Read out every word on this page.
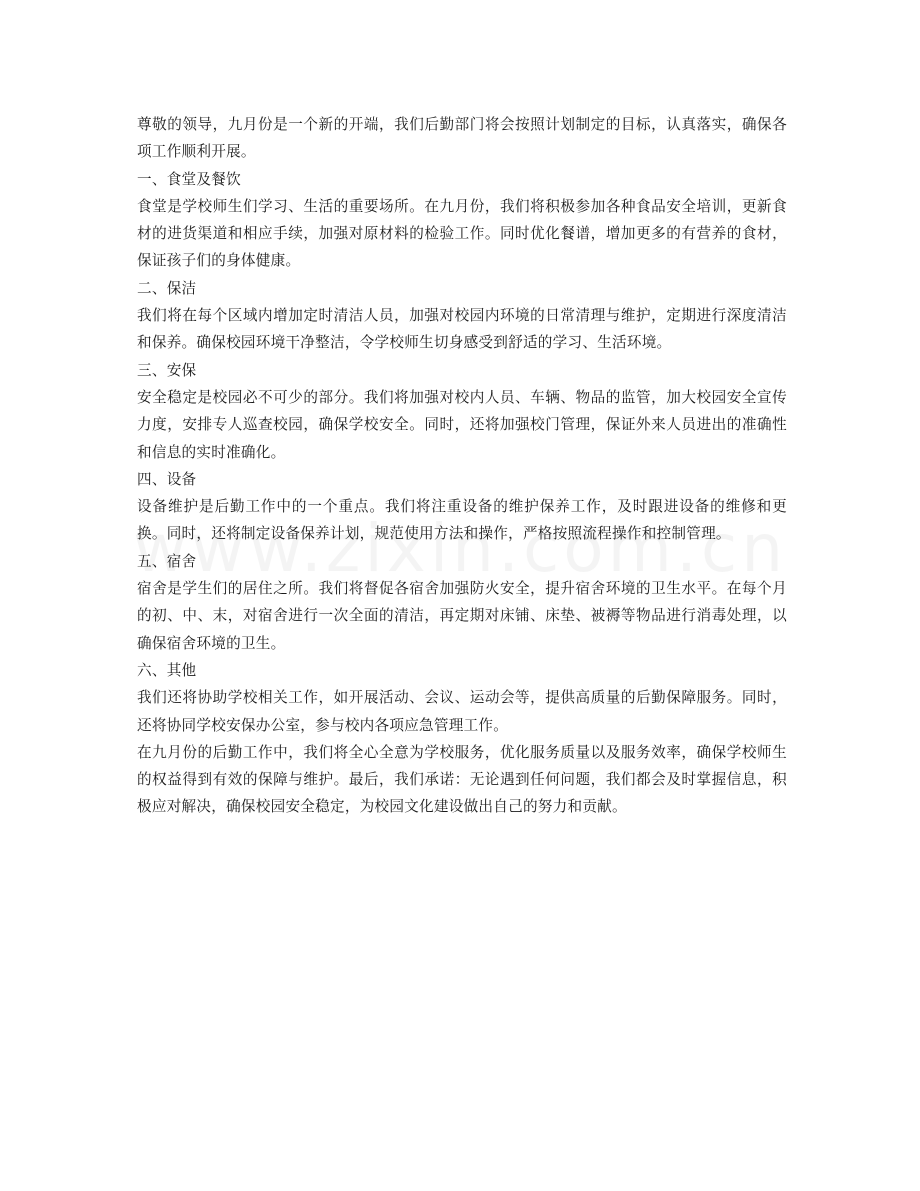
尊敬的领导，九月份是一个新的开端，我们后勤部门将会按照计划制定的目标，认真落实，确保各项工作顺利开展。

一、食堂及餐饮

食堂是学校师生们学习、生活的重要场所。在九月份，我们将积极参加各种食品安全培训，更新食材的进货渠道和相应手续，加强对原材料的检验工作。同时优化餐谱，增加更多的有营养的食材，保证孩子们的身体健康。

二、保洁

我们将在每个区域内增加定时清洁人员，加强对校园内环境的日常清理与维护，定期进行深度清洁和保养。确保校园环境干净整洁，令学校师生切身感受到舒适的学习、生活环境。

三、安保

安全稳定是校园必不可少的部分。我们将加强对校内人员、车辆、物品的监管，加大校园安全宣传力度，安排专人巡查校园，确保学校安全。同时，还将加强校门管理，保证外来人员进出的准确性和信息的实时准确化。

四、设备

设备维护是后勤工作中的一个重点。我们将注重设备的维护保养工作，及时跟进设备的维修和更换。同时，还将制定设备保养计划，规范使用方法和操作，严格按照流程操作和控制管理。

五、宿舍

宿舍是学生们的居住之所。我们将督促各宿舍加强防火安全，提升宿舍环境的卫生水平。在每个月的初、中、末，对宿舍进行一次全面的清洁，再定期对床铺、床垫、被褥等物品进行消毒处理，以确保宿舍环境的卫生。

六、其他

我们还将协助学校相关工作，如开展活动、会议、运动会等，提供高质量的后勤保障服务。同时，还将协同学校安保办公室，参与校内各项应急管理工作。

在九月份的后勤工作中，我们将全心全意为学校服务，优化服务质量以及服务效率，确保学校师生的权益得到有效的保障与维护。最后，我们承诺：无论遇到任何问题，我们都会及时掌握信息，积极应对解决，确保校园安全稳定，为校园文化建设做出自己的努力和贡献。
